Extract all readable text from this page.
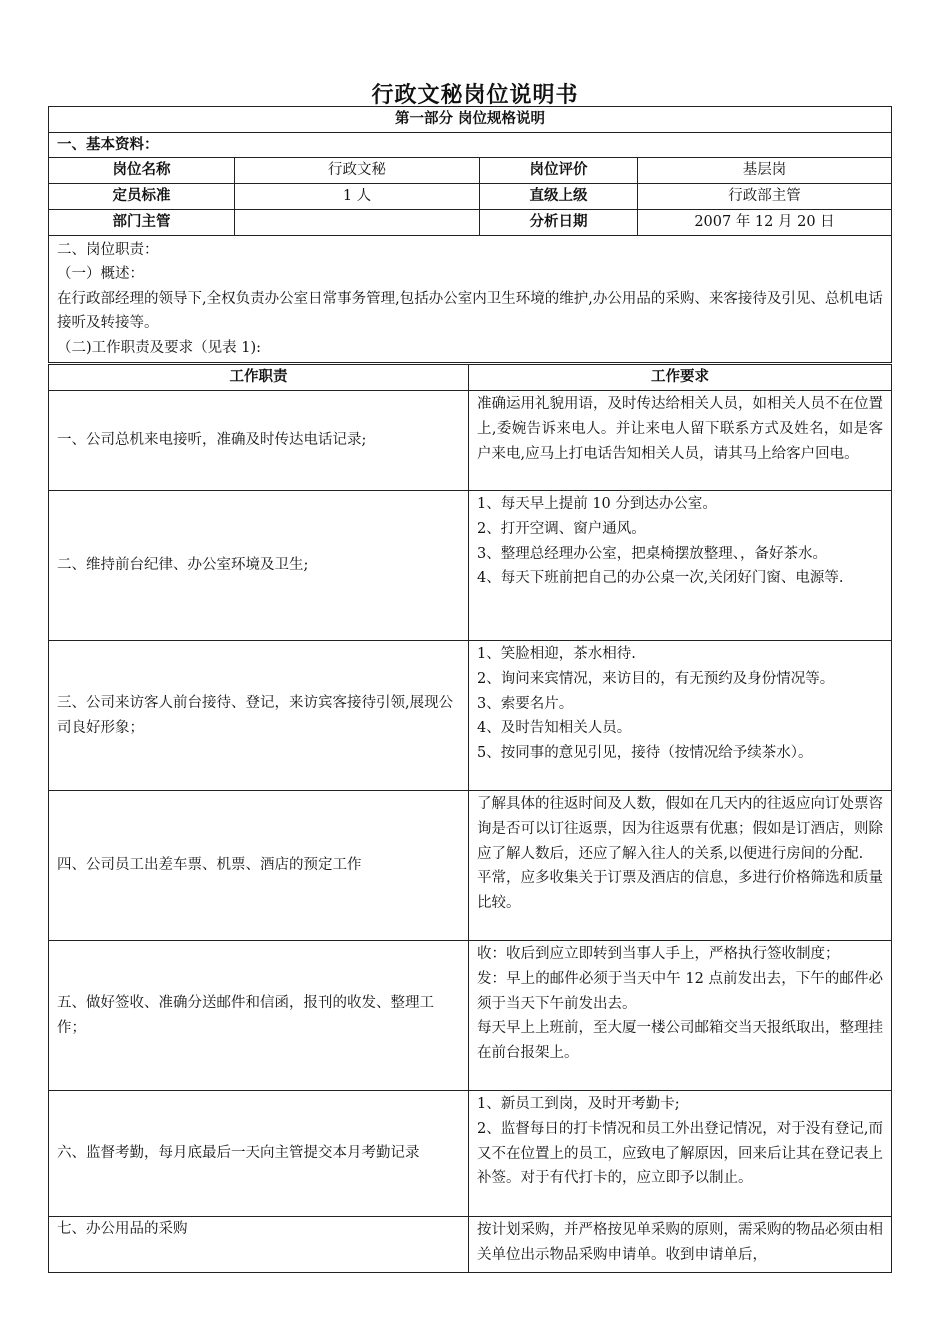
行政文秘岗位说明书
第一部分 岗位规格说明			
一、基本资料：			
岗位名称	行政文秘	岗位评价	基层岗
定员标准	1 人	直级上级	行政部主管
部门主管		分析日期	2007 年 12 月 20 日

二、岗位职责：
（一）概述：
在行政部经理的领导下,全权负责办公室日常事务管理,包括办公室内卫生环境的维护,办公用品的采购、来客接待及引见、总机电话接听及转接等。
（二)工作职责及要求（见表 1):			
工作职责	工作要求
一、公司总机来电接听，准确及时传达电话记录;	准确运用礼貌用语，及时传达给相关人员，如相关人员不在位置上,委婉告诉来电人。并让来电人留下联系方式及姓名，如是客户来电,应马上打电话告知相关人员，请其马上给客户回电。

二、维持前台纪律、办公室环境及卫生;	1、每天早上提前 10 分到达办公室。
2、打开空调、窗户通风。
3、整理总经理办公室，把桌椅摆放整理、，备好茶水。
4、每天下班前把自己的办公桌一次,关闭好门窗、电源等.

三、公司来访客人前台接待、登记，来访宾客接待引领,展现公司良好形象；	1、笑脸相迎，茶水相待.
2、询问来宾情况，来访目的，有无预约及身份情况等。
3、索要名片。
4、及时告知相关人员。
5、按同事的意见引见，接待（按情况给予续茶水）。

四、公司员工出差车票、机票、酒店的预定工作	了解具体的往返时间及人数，假如在几天内的往返应向订处票咨询是否可以订往返票，因为往返票有优惠；假如是订酒店，则除应了解人数后，还应了解入往人的关系,以便进行房间的分配.
平常，应多收集关于订票及酒店的信息，多进行价格筛选和质量比较。

五、做好签收、准确分送邮件和信函，报刊的收发、整理工作；	收：收后到应立即转到当事人手上，严格执行签收制度；
发：早上的邮件必须于当天中午 12 点前发出去，下午的邮件必须于当天下午前发出去。
每天早上上班前，至大厦一楼公司邮箱交当天报纸取出，整理挂在前台报架上。

六、监督考勤，每月底最后一天向主管提交本月考勤记录	1、新员工到岗，及时开考勤卡;
2、监督每日的打卡情况和员工外出登记情况，对于没有登记,而又不在位置上的员工，应致电了解原因，回来后让其在登记表上补签。对于有代打卡的，应立即予以制止。

七、办公用品的采购	按计划采购，并严格按见单采购的原则，需采购的物品必须由相关单位出示物品采购申请单。收到申请单后，
